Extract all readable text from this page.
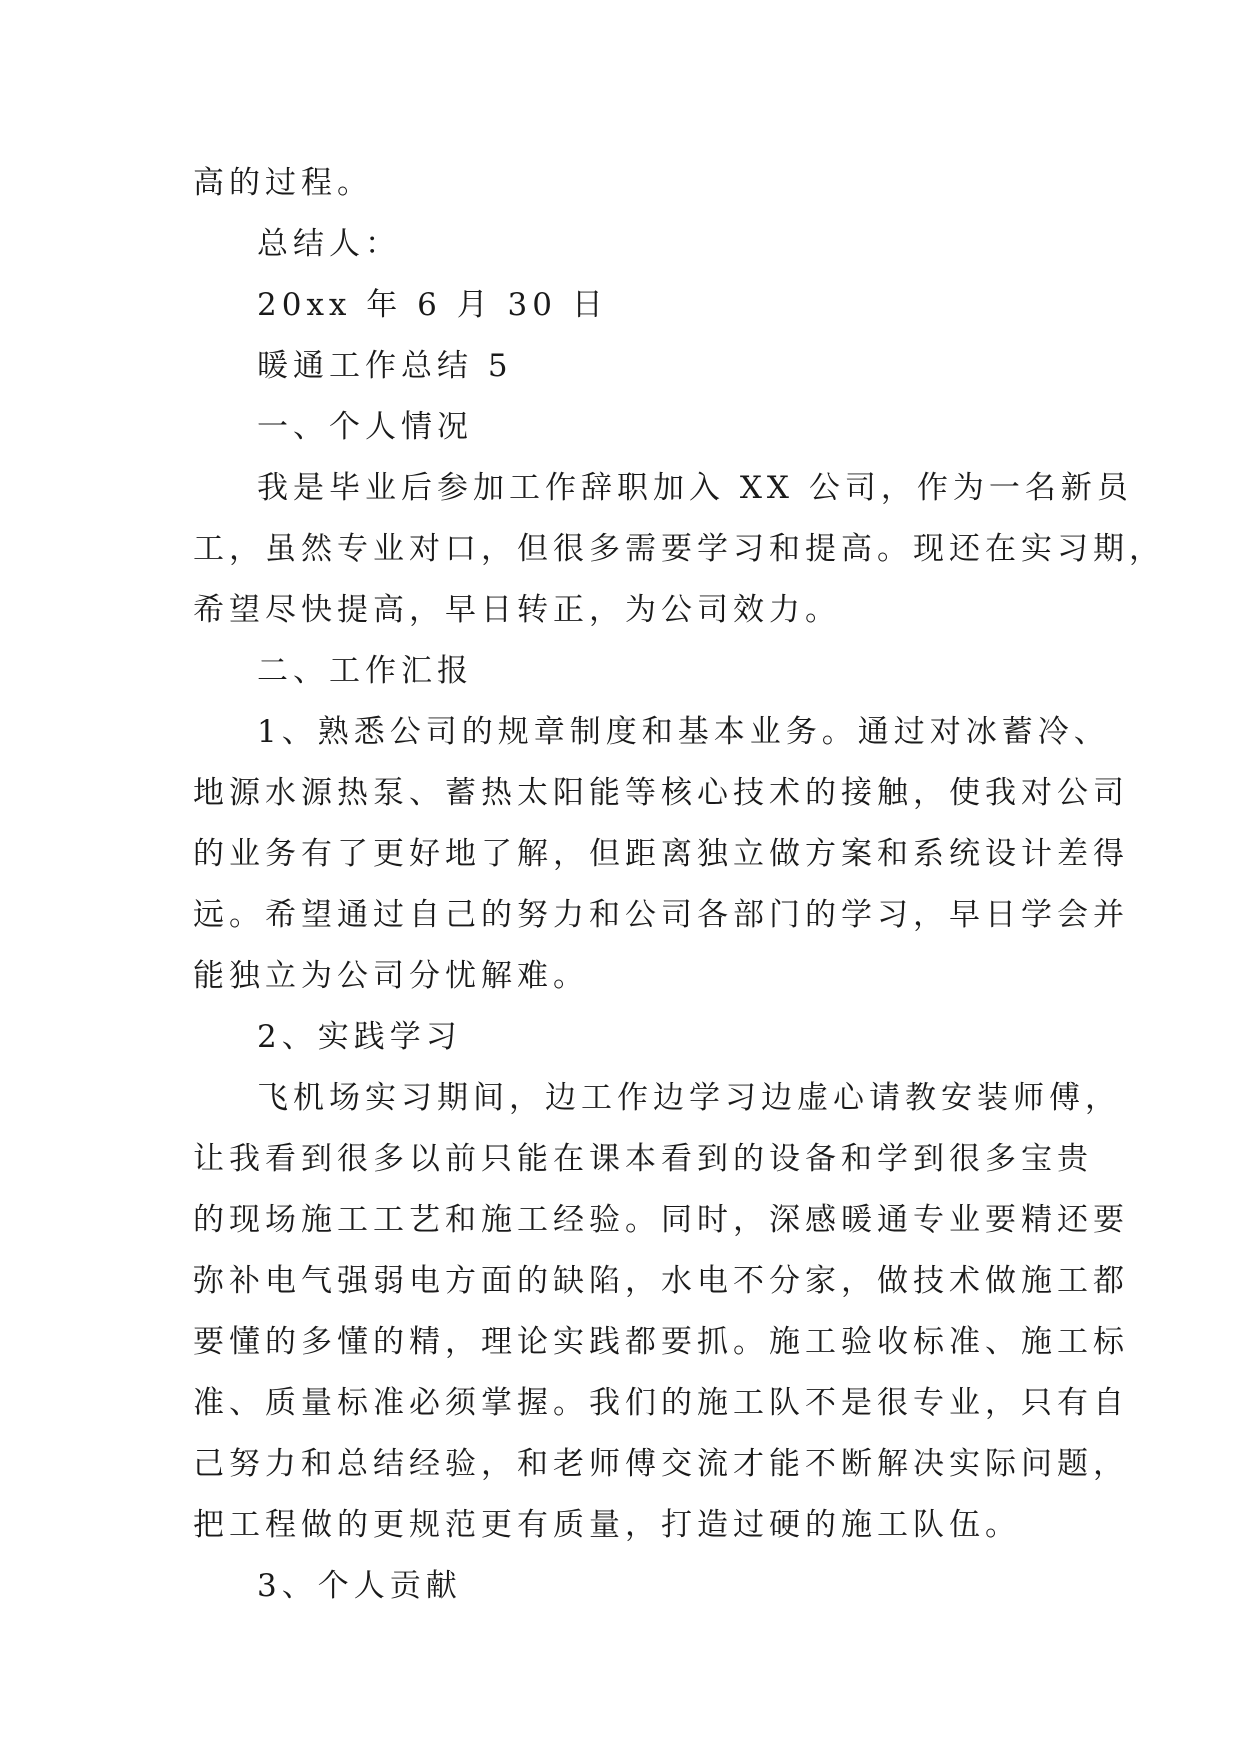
高的过程。
总结人：
20xx 年 6 月 30 日
暖通工作总结 5
一、个人情况
我是毕业后参加工作辞职加入 XX 公司，作为一名新员
工，虽然专业对口，但很多需要学习和提高。现还在实习期，
希望尽快提高，早日转正，为公司效力。
二、工作汇报
1、熟悉公司的规章制度和基本业务。通过对冰蓄冷、
地源水源热泵、蓄热太阳能等核心技术的接触，使我对公司
的业务有了更好地了解，但距离独立做方案和系统设计差得
远。希望通过自己的努力和公司各部门的学习，早日学会并
能独立为公司分忧解难。
2、实践学习
飞机场实习期间，边工作边学习边虚心请教安装师傅，
让我看到很多以前只能在课本看到的设备和学到很多宝贵
的现场施工工艺和施工经验。同时，深感暖通专业要精还要
弥补电气强弱电方面的缺陷，水电不分家，做技术做施工都
要懂的多懂的精，理论实践都要抓。施工验收标准、施工标
准、质量标准必须掌握。我们的施工队不是很专业，只有自
己努力和总结经验，和老师傅交流才能不断解决实际问题，
把工程做的更规范更有质量，打造过硬的施工队伍。
3、个人贡献
